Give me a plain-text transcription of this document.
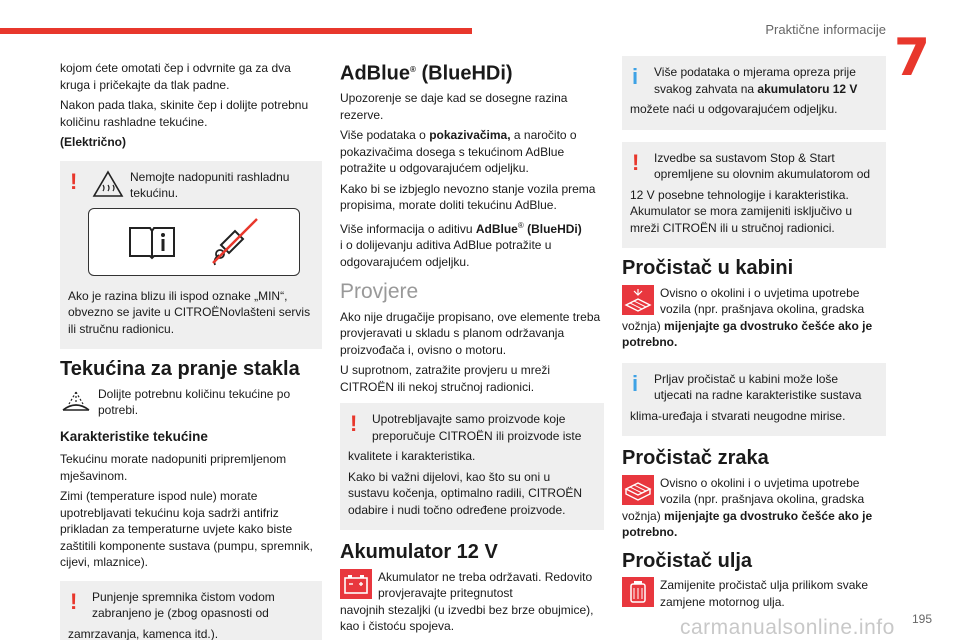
Praktične informacije 7

kojom ćete omotati čep i odvrnite ga za dva kruga i pričekajte da tlak padne.

Nakon pada tlaka, skinite čep i dolijte potrebnu količinu rashladne tekućine.

(Električno)

!	Nemojte nadopuniti rashladnu tekućinu.

Ako je razina blizu ili ispod oznake „MIN“, obvezno se javite u CITROËNovlašteni servis ili stručnu radionicu.

Tekućina za pranje stakla
Dolijte potrebnu količinu tekućine po potrebi.
Karakteristike tekućine

Tekućinu morate nadopuniti pripremljenom mješavinom.

Zimi (temperature ispod nule) morate upotrebljavati tekućinu koja sadrži antifriz prikladan za temperaturne uvjete kako biste zaštitili komponente sustava (pumpu, spremnik, cijevi, mlaznice).

!	Punjenje spremnika čistom vodom zabranjeno je (zbog opasnosti od

zamrzavanja, kamenca itd.).

AdBlue® (BlueHDi)

Upozorenje se daje kad se dosegne razina rezerve.

Više podataka o pokazivačima, a naročito o pokazivačima dosega s tekućinom AdBlue potražite u odgovarajućem odjeljku.

Kako bi se izbjeglo nevozno stanje vozila prema propisima, morate doliti tekućinu AdBlue.

Više informacija o aditivu AdBlue® (BlueHDi)
i o dolijevanju aditiva AdBlue potražite u odgovarajućem odjeljku.

Provjere

Ako nije drugačije propisano, ove elemente treba provjeravati u skladu s planom održavanja proizvođača i, ovisno o motoru.

U suprotnom, zatražite provjeru u mreži CITROËN ili nekoj stručnoj radionici.

!	Upotrebljavajte samo proizvode koje preporučuje CITROËN ili proizvode iste

kvalitete i karakteristika.

Kako bi važni dijelovi, kao što su oni u sustavu kočenja, optimalno radili, CITROËN odabire i nudi točno određene proizvode.

Akumulator 12 V
Akumulator ne treba održavati. Redovito provjeravajte pritegnutost

navojnih stezaljki (u izvedbi bez brze obujmice), kao i čistoću spojeva.

i	Više podataka o mjerama opreza prije svakog zahvata na akumulatoru 12 V

možete naći u odgovarajućem odjeljku.

!	Izvedbe sa sustavom Stop & Start opremljene su olovnim akumulatorom od

12 V posebne tehnologije i karakteristika. Akumulator se mora zamijeniti isključivo u mreži CITROËN ili u stručnoj radionici.

Pročistač u kabini
Ovisno o okolini i o uvjetima upotrebe vozila (npr. prašnjava okolina, gradska

vožnja) mijenjajte ga dvostruko češće ako je potrebno.

i	Prljav pročistač u kabini može loše utjecati na radne karakteristike sustava

klima-uređaja i stvarati neugodne mirise.

Pročistač zraka
Ovisno o okolini i o uvjetima upotrebe vozila (npr. prašnjava okolina, gradska

vožnja) mijenjajte ga dvostruko češće ako je potrebno.

Pročistač ulja
Zamijenite pročistač ulja prilikom svake zamjene motornog ulja.
carmanualsonline.info 195
